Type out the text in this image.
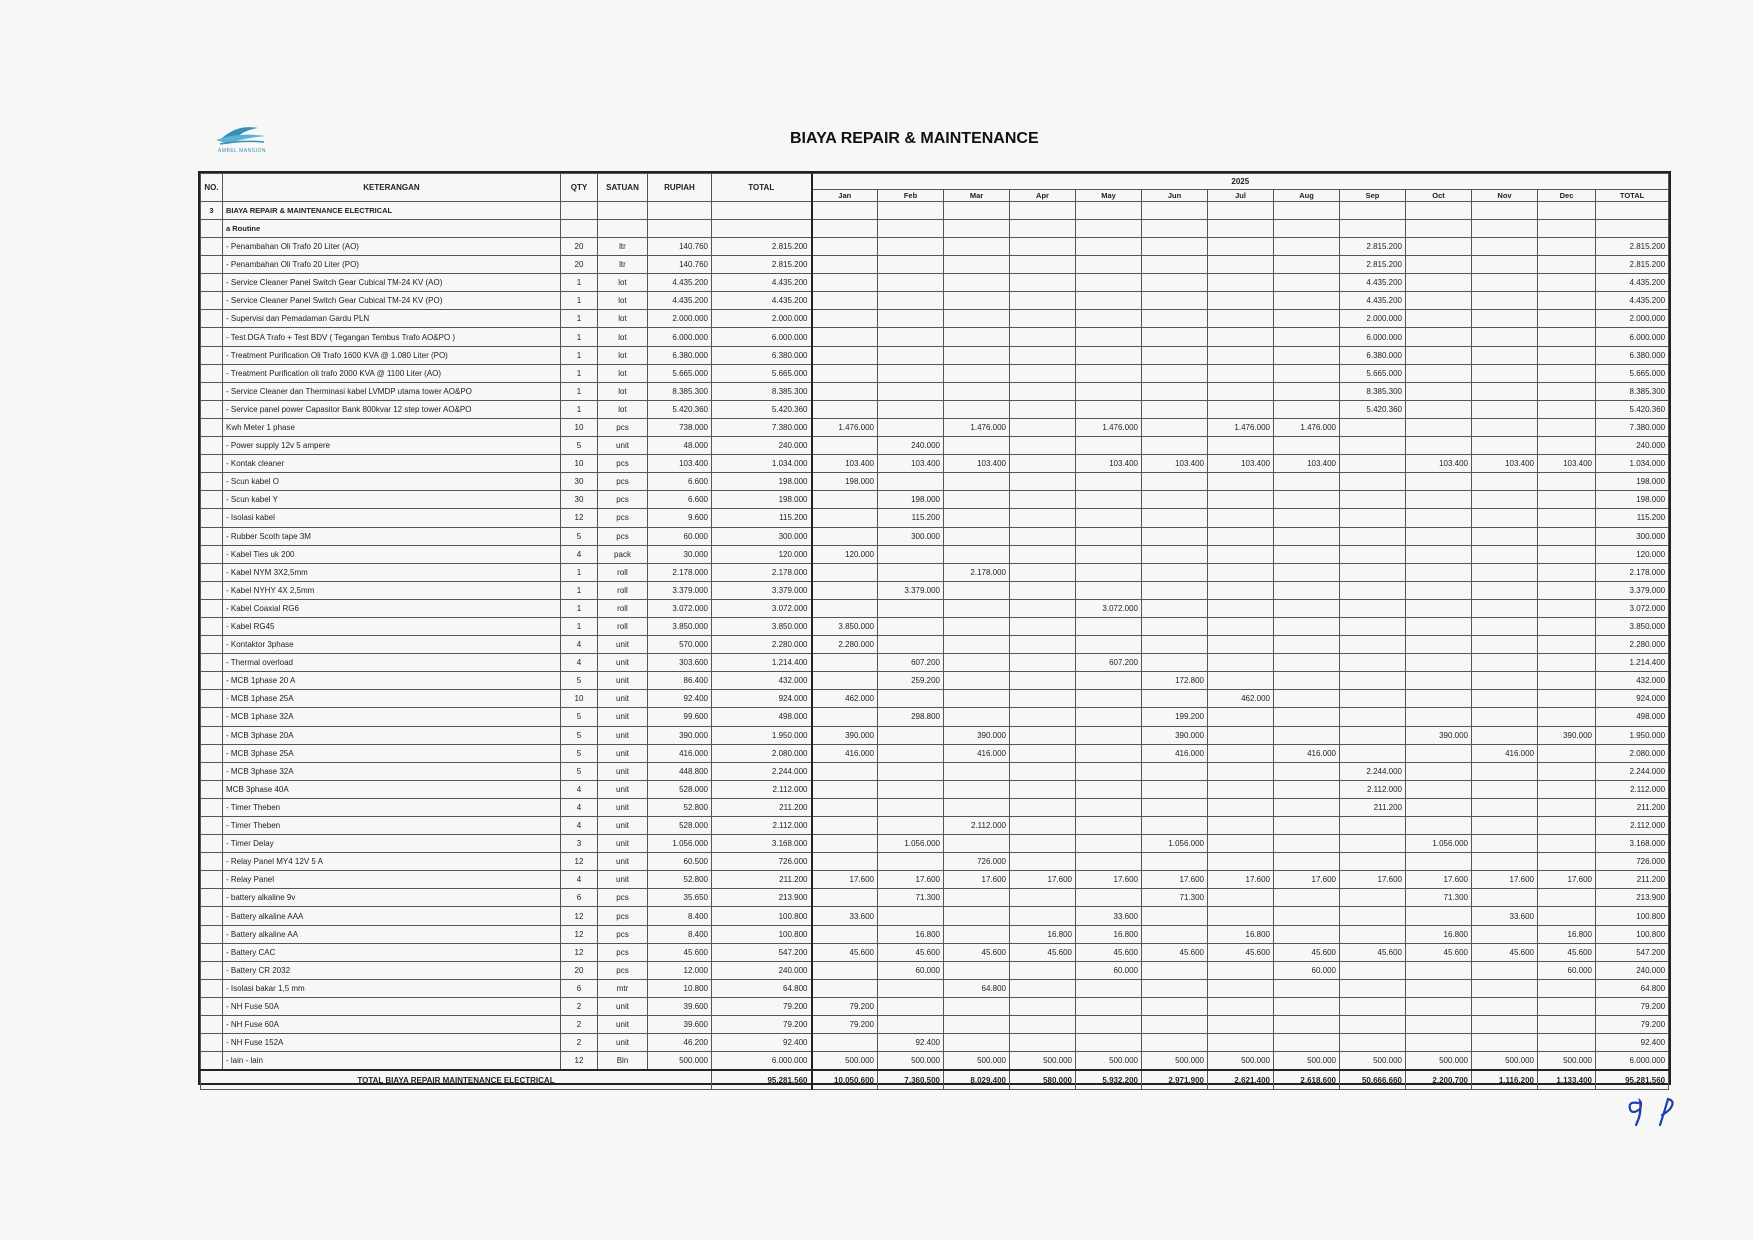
AMBEL MANSION
BIAYA REPAIR & MAINTENANCE
NO.	KETERANGAN	QTY	SATUAN	RUPIAH	TOTAL	2025												
						Jan	Feb	Mar	Apr	May	Jun	Jul	Aug	Sep	Oct	Nov	Dec	TOTAL
3	BIAYA REPAIR & MAINTENANCE ELECTRICAL																	
	a Routine																	
	- Penambahan Oli Trafo 20 Liter (AO)	20	ltr	140.760	2.815.200									2.815.200				2.815.200
	- Penambahan Oli Trafo 20 Liter (PO)	20	ltr	140.760	2.815.200									2.815.200				2.815.200
	- Service Cleaner Panel Switch Gear Cubical TM-24 KV (AO)	1	lot	4.435.200	4.435.200									4.435.200				4.435.200
	- Service Cleaner Panel Switch Gear Cubical TM-24 KV (PO)	1	lot	4.435.200	4.435.200									4.435.200				4.435.200
	- Supervisi dan Pemadaman Gardu PLN	1	lot	2.000.000	2.000.000									2.000.000				2.000.000
	- Test DGA Trafo + Test BDV ( Tegangan Tembus Trafo AO&PO )	1	lot	6.000.000	6.000.000									6.000.000				6.000.000
	- Treatment Purification Oli Trafo 1600 KVA @ 1.080 Liter (PO)	1	lot	6.380.000	6.380.000									6.380.000				6.380.000
	- Treatment Purification oli trafo 2000 KVA @ 1100 Liter (AO)	1	lot	5.665.000	5.665.000									5.665.000				5.665.000
	- Service Cleaner dan Therminasi kabel LVMDP utama tower AO&PO	1	lot	8.385.300	8.385.300									8.385.300				8.385.300
	- Service panel power Capasitor Bank 800kvar 12 step tower AO&PO	1	lot	5.420.360	5.420.360									5.420.360				5.420.360
	Kwh Meter 1 phase	10	pcs	738.000	7.380.000	1.476.000		1.476.000		1.476.000		1.476.000	1.476.000					7.380.000
	- Power supply 12v 5 ampere	5	unit	48.000	240.000		240.000											240.000
	- Kontak cleaner	10	pcs	103.400	1.034.000	103.400	103.400	103.400		103.400	103.400	103.400	103.400		103.400	103.400	103.400	1.034.000
	- Scun kabel O	30	pcs	6.600	198.000	198.000												198.000
	- Scun kabel Y	30	pcs	6.600	198.000		198.000											198.000
	- Isolasi kabel	12	pcs	9.600	115.200		115.200											115.200
	- Rubber Scoth tape 3M	5	pcs	60.000	300.000		300.000											300.000
	- Kabel Ties uk 200	4	pack	30.000	120.000	120.000												120.000
	- Kabel NYM 3X2,5mm	1	roll	2.178.000	2.178.000			2.178.000										2.178.000
	- Kabel NYHY 4X 2,5mm	1	roll	3.379.000	3.379.000		3.379.000											3.379.000
	- Kabel Coaxial RG6	1	roll	3.072.000	3.072.000					3.072.000								3.072.000
	- Kabel RG45	1	roll	3.850.000	3.850.000	3.850.000												3.850.000
	- Kontaktor 3phase	4	unit	570.000	2.280.000	2.280.000												2.280.000
	- Thermal overload	4	unit	303.600	1.214.400		607.200			607.200								1.214.400
	- MCB 1phase 20 A	5	unit	86.400	432.000		259.200				172.800							432.000
	- MCB 1phase 25A	10	unit	92.400	924.000	462.000						462.000						924.000
	- MCB 1phase 32A	5	unit	99.600	498.000		298.800				199.200							498.000
	- MCB 3phase 20A	5	unit	390.000	1.950.000	390.000		390.000			390.000				390.000		390.000	1.950.000
	- MCB 3phase 25A	5	unit	416.000	2.080.000	416.000		416.000			416.000		416.000			416.000		2.080.000
	- MCB 3phase 32A	5	unit	448.800	2.244.000									2.244.000				2.244.000
	MCB 3phase 40A	4	unit	528.000	2.112.000									2.112.000				2.112.000
	- Timer Theben	4	unit	52.800	211.200									211.200				211.200
	- Timer Theben	4	unit	528.000	2.112.000			2.112.000										2.112.000
	- Timer Delay	3	unit	1.056.000	3.168.000		1.056.000				1.056.000				1.056.000			3.168.000
	- Relay Panel MY4 12V 5 A	12	unit	60.500	726.000			726.000										726.000
	- Relay Panel	4	unit	52.800	211.200	17.600	17.600	17.600	17.600	17.600	17.600	17.600	17.600	17.600	17.600	17.600	17.600	211.200
	- battery alkaline 9v	6	pcs	35.650	213.900		71.300				71.300				71.300			213.900
	- Battery alkaline AAA	12	pcs	8.400	100.800	33.600				33.600						33.600		100.800
	- Battery alkaline AA	12	pcs	8.400	100.800		16.800		16.800	16.800		16.800			16.800		16.800	100.800
	- Battery CAC	12	pcs	45.600	547.200	45.600	45.600	45.600	45.600	45.600	45.600	45.600	45.600	45.600	45.600	45.600	45.600	547.200
	- Battery CR 2032	20	pcs	12.000	240.000		60.000			60.000			60.000				60.000	240.000
	- Isolasi bakar 1,5 mm	6	mtr	10.800	64.800			64.800										64.800
	- NH Fuse 50A	2	unit	39.600	79.200	79.200												79.200
	- NH Fuse 60A	2	unit	39.600	79.200	79.200												79.200
	- NH Fuse 152A	2	unit	46.200	92.400		92.400											92.400
	- lain - lain	12	Bln	500.000	6.000.000	500.000	500.000	500.000	500.000	500.000	500.000	500.000	500.000	500.000	500.000	500.000	500.000	6.000.000
TOTAL BIAYA REPAIR MAINTENANCE ELECTRICAL					95.281.560	10.050.600	7.360.500	8.029.400	580.000	5.932.200	2.971.900	2.621.400	2.618.600	50.666.660	2.200.700	1.116.200	1.133.400	95.281.560
